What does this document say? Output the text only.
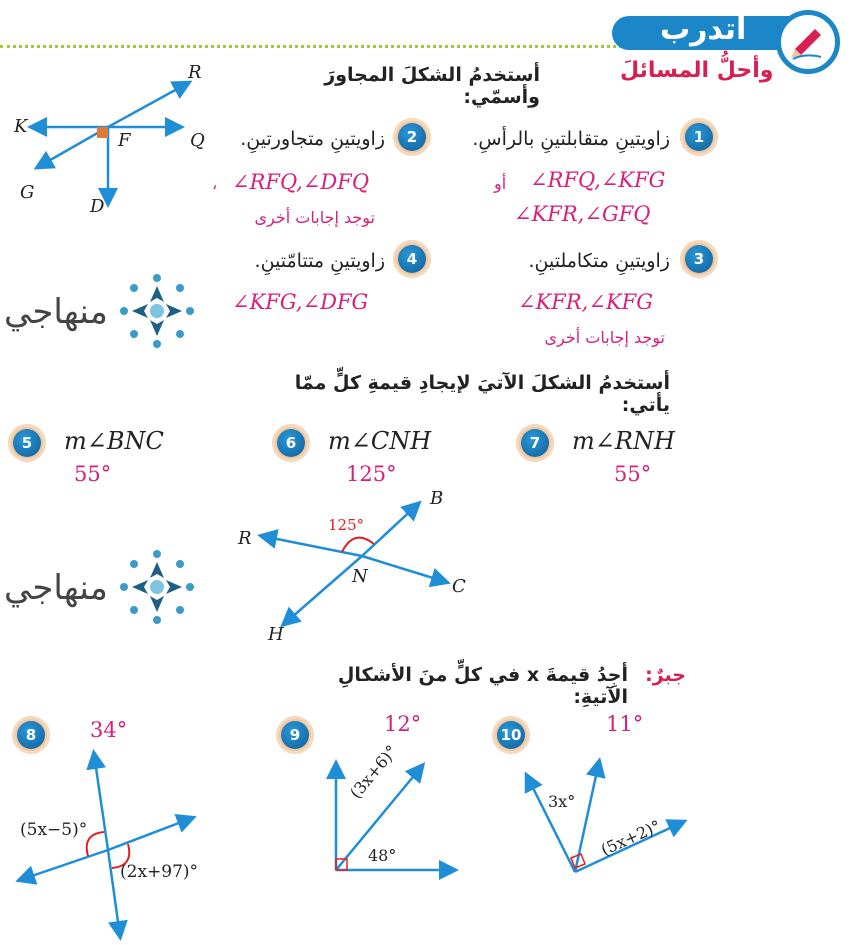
أتدرب
وأحلُّ المسائلَ
أستخدمُ الشكلَ المجاورَ وأسمّي:
R
K
F	Q
G
D
1
زاويتينِ متقابلتينِ بالرأسِ.
∠RFQ,∠KFG
أو
∠KFR,∠GFQ
2
زاويتينِ متجاورتينِ.
∠RFQ,∠DFQ
،
توجد إجابات أخرى
3
زاويتينِ متكاملتينِ.
∠KFR,∠KFG
توجد إجابات أخرى
4
زاويتينِ متتامّتينِ.
∠KFG,∠DFG
منهاجي
أستخدمُ الشكلَ الآتيَ لإيجادِ قيمةِ كلٍّ ممّا يأتي:
5	m∠BNC
55°
6	m∠CNH
125°
7	m∠RNH
55°
125°
B
R
N	C
H
منهاجي
أجِدُ قيمةَ x في كلٍّ منَ الأشكالِ الآتيةِ:
جبرٌ:
8	34°	9	12°	10	11°
(5x−5)°
(2x+97)°
(3x+6)°
48°
3x°
(5x+2)°
